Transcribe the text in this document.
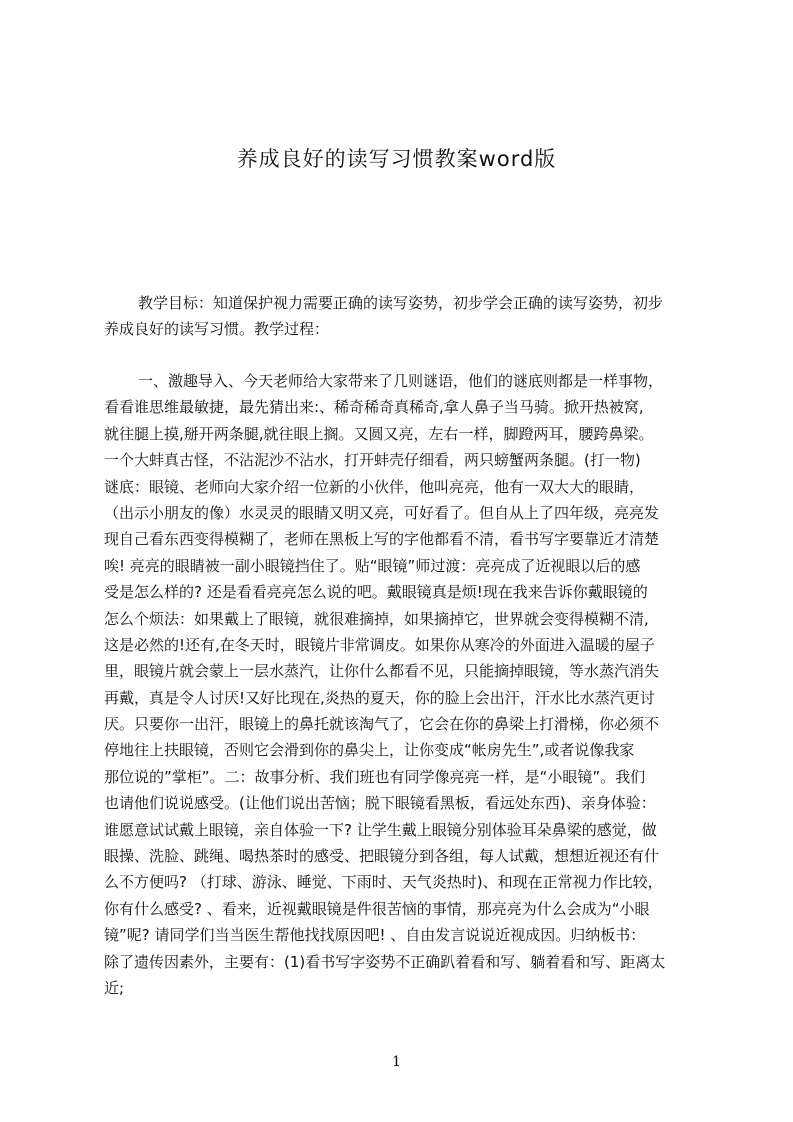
养成良好的读写习惯教案word版
教学目标：知道保护视力需要正确的读写姿势，初步学会正确的读写姿势，初步
养成良好的读写习惯。教学过程：
一、激趣导入、今天老师给大家带来了几则谜语，他们的谜底则都是一样事物，
看看谁思维最敏捷，最先猜出来:、稀奇稀奇真稀奇,拿人鼻子当马骑。掀开热被窝,
就往腿上摸,掰开两条腿,就往眼上搁。又圆又亮，左右一样，脚蹬两耳，腰跨鼻梁。
一个大蚌真古怪，不沾泥沙不沾水，打开蚌壳仔细看，两只螃蟹两条腿。(打一物)
谜底：眼镜、老师向大家介绍一位新的小伙伴，他叫亮亮，他有一双大大的眼睛，
（出示小朋友的像）水灵灵的眼睛又明又亮，可好看了。但自从上了四年级，亮亮发
现自己看东西变得模糊了，老师在黑板上写的字他都看不清，看书写字要靠近才清楚
唉! 亮亮的眼睛被一副小眼镜挡住了。贴“眼镜”师过渡：亮亮成了近视眼以后的感
受是怎么样的? 还是看看亮亮怎么说的吧。戴眼镜真是烦!现在我来告诉你戴眼镜的
怎么个烦法：如果戴上了眼镜，就很难摘掉，如果摘掉它，世界就会变得模糊不清,
这是必然的!还有,在冬天时，眼镜片非常调皮。如果你从寒冷的外面进入温暖的屋子
里，眼镜片就会蒙上一层水蒸汽，让你什么都看不见，只能摘掉眼镜，等水蒸汽消失
再戴，真是令人讨厌!又好比现在,炎热的夏天，你的脸上会出汗，汗水比水蒸汽更讨
厌。只要你一出汗，眼镜上的鼻托就该淘气了，它会在你的鼻梁上打滑梯，你必须不
停地往上扶眼镜，否则它会滑到你的鼻尖上，让你变成“帐房先生”,或者说像我家
那位说的”掌柜”。二：故事分析、我们班也有同学像亮亮一样，是“小眼镜”。我们
也请他们说说感受。(让他们说出苦恼；脱下眼镜看黑板，看远处东西)、亲身体验：
谁愿意试试戴上眼镜，亲自体验一下? 让学生戴上眼镜分别体验耳朵鼻梁的感觉，做
眼操、洗脸、跳绳、喝热茶时的感受、把眼镜分到各组，每人试戴，想想近视还有什
么不方便吗? （打球、游泳、睡觉、下雨时、天气炎热时)、和现在正常视力作比较，
你有什么感受? 、看来，近视戴眼镜是件很苦恼的事情，那亮亮为什么会成为“小眼
镜”呢? 请同学们当当医生帮他找找原因吧! 、自由发言说说近视成因。归纳板书：
除了遗传因素外，主要有：(1)看书写字姿势不正确趴着看和写、躺着看和写、距离太
近;
1
